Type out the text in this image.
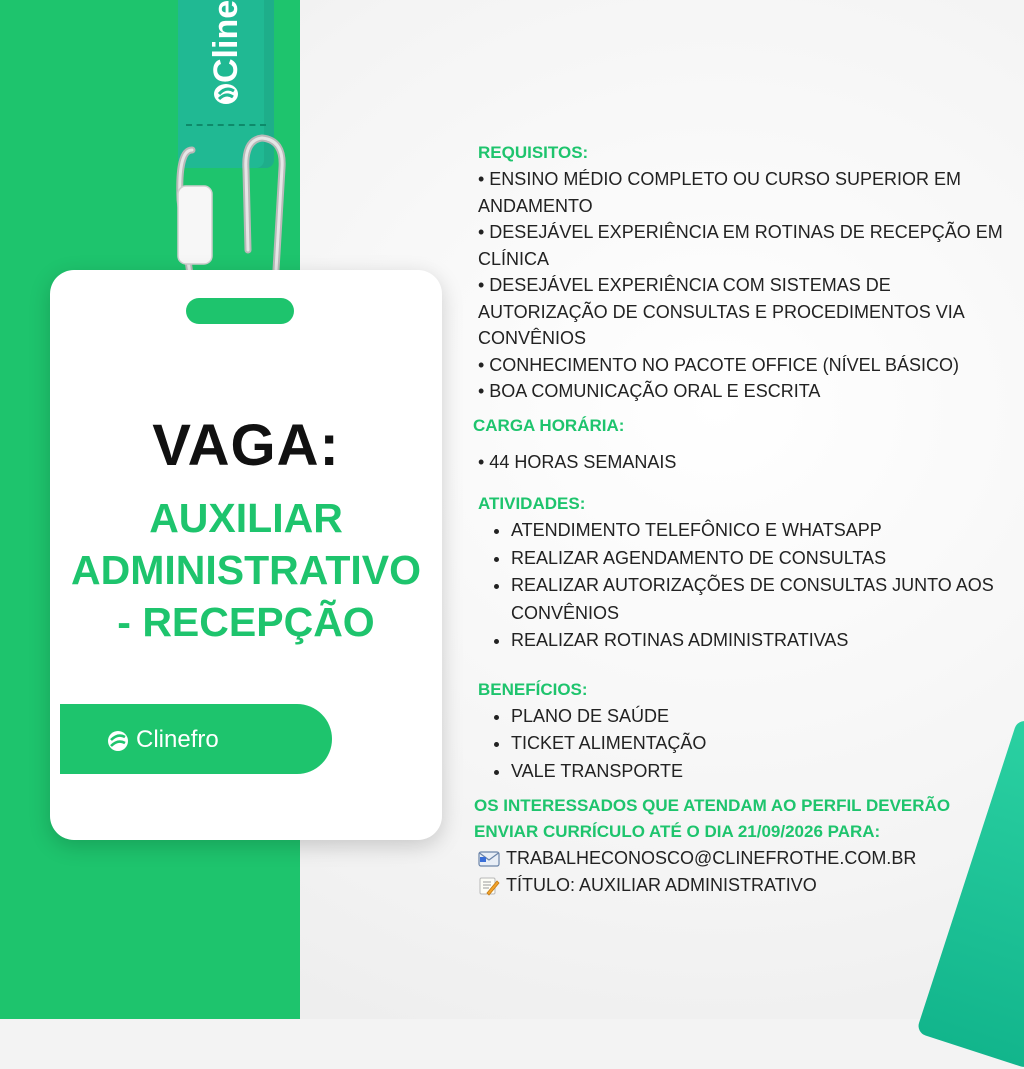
Cline
VAGA:
AUXILIAR
ADMINISTRATIVO
- RECEPÇÃO
Clinefro

REQUISITOS:

• ENSINO MÉDIO COMPLETO OU CURSO SUPERIOR EM

ANDAMENTO

• DESEJÁVEL EXPERIÊNCIA EM ROTINAS DE RECEPÇÃO EM

CLÍNICA

• DESEJÁVEL EXPERIÊNCIA COM SISTEMAS DE

AUTORIZAÇÃO DE CONSULTAS E PROCEDIMENTOS VIA

CONVÊNIOS

• CONHECIMENTO NO PACOTE OFFICE (NÍVEL BÁSICO)

• BOA COMUNICAÇÃO ORAL E ESCRITA

CARGA HORÁRIA:

• 44 HORAS SEMANAIS

ATIVIDADES:

• ATENDIMENTO TELEFÔNICO E WHATSAPP
• REALIZAR AGENDAMENTO DE CONSULTAS
• REALIZAR AUTORIZAÇÕES DE CONSULTAS JUNTO AOS CONVÊNIOS
• REALIZAR ROTINAS ADMINISTRATIVAS

BENEFÍCIOS:

• PLANO DE SAÚDE
• TICKET ALIMENTAÇÃO
• VALE TRANSPORTE

OS INTERESSADOS QUE ATENDAM AO PERFIL DEVERÃO

ENVIAR CURRÍCULO ATÉ O DIA 21/09/2026 PARA:

TRABALHECONOSCO@CLINEFROTHE.COM.BR

TÍTULO: AUXILIAR ADMINISTRATIVO
